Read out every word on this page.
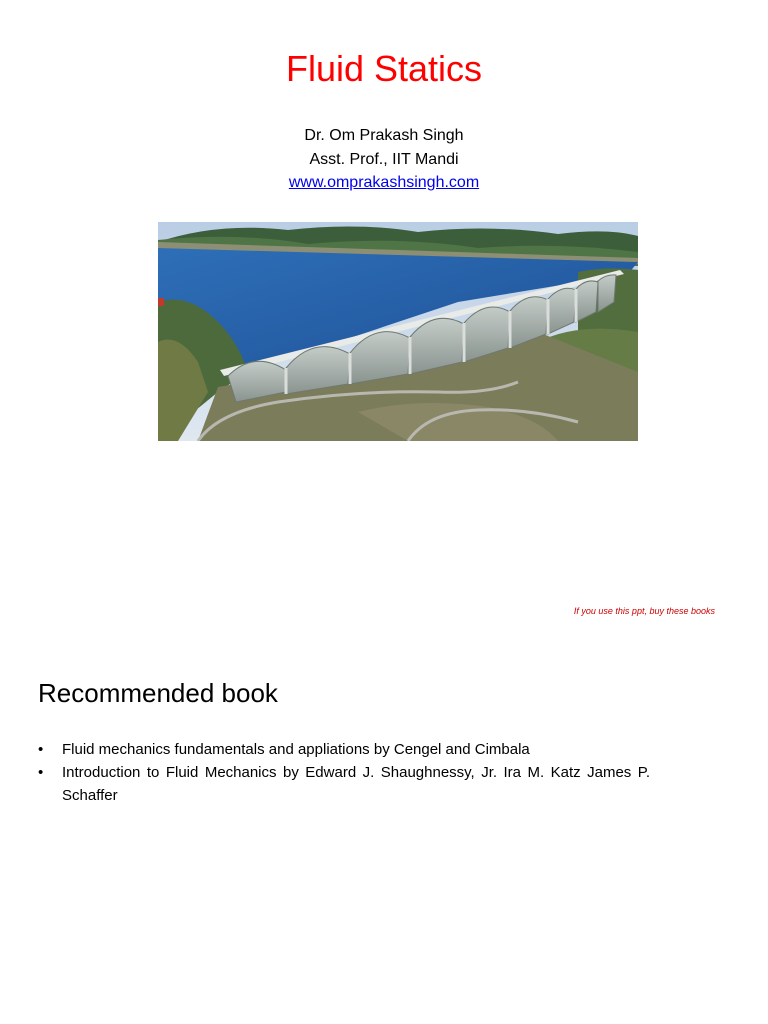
Fluid Statics
Dr. Om Prakash Singh
Asst. Prof., IIT Mandi
www.omprakashsingh.com
If you use this ppt, buy these books
Recommended book
• Fluid mechanics fundamentals and appliations by Cengel and Cimbala
• Introduction to Fluid Mechanics by Edward J. Shaughnessy, Jr. Ira M. Katz James P. Schaffer
